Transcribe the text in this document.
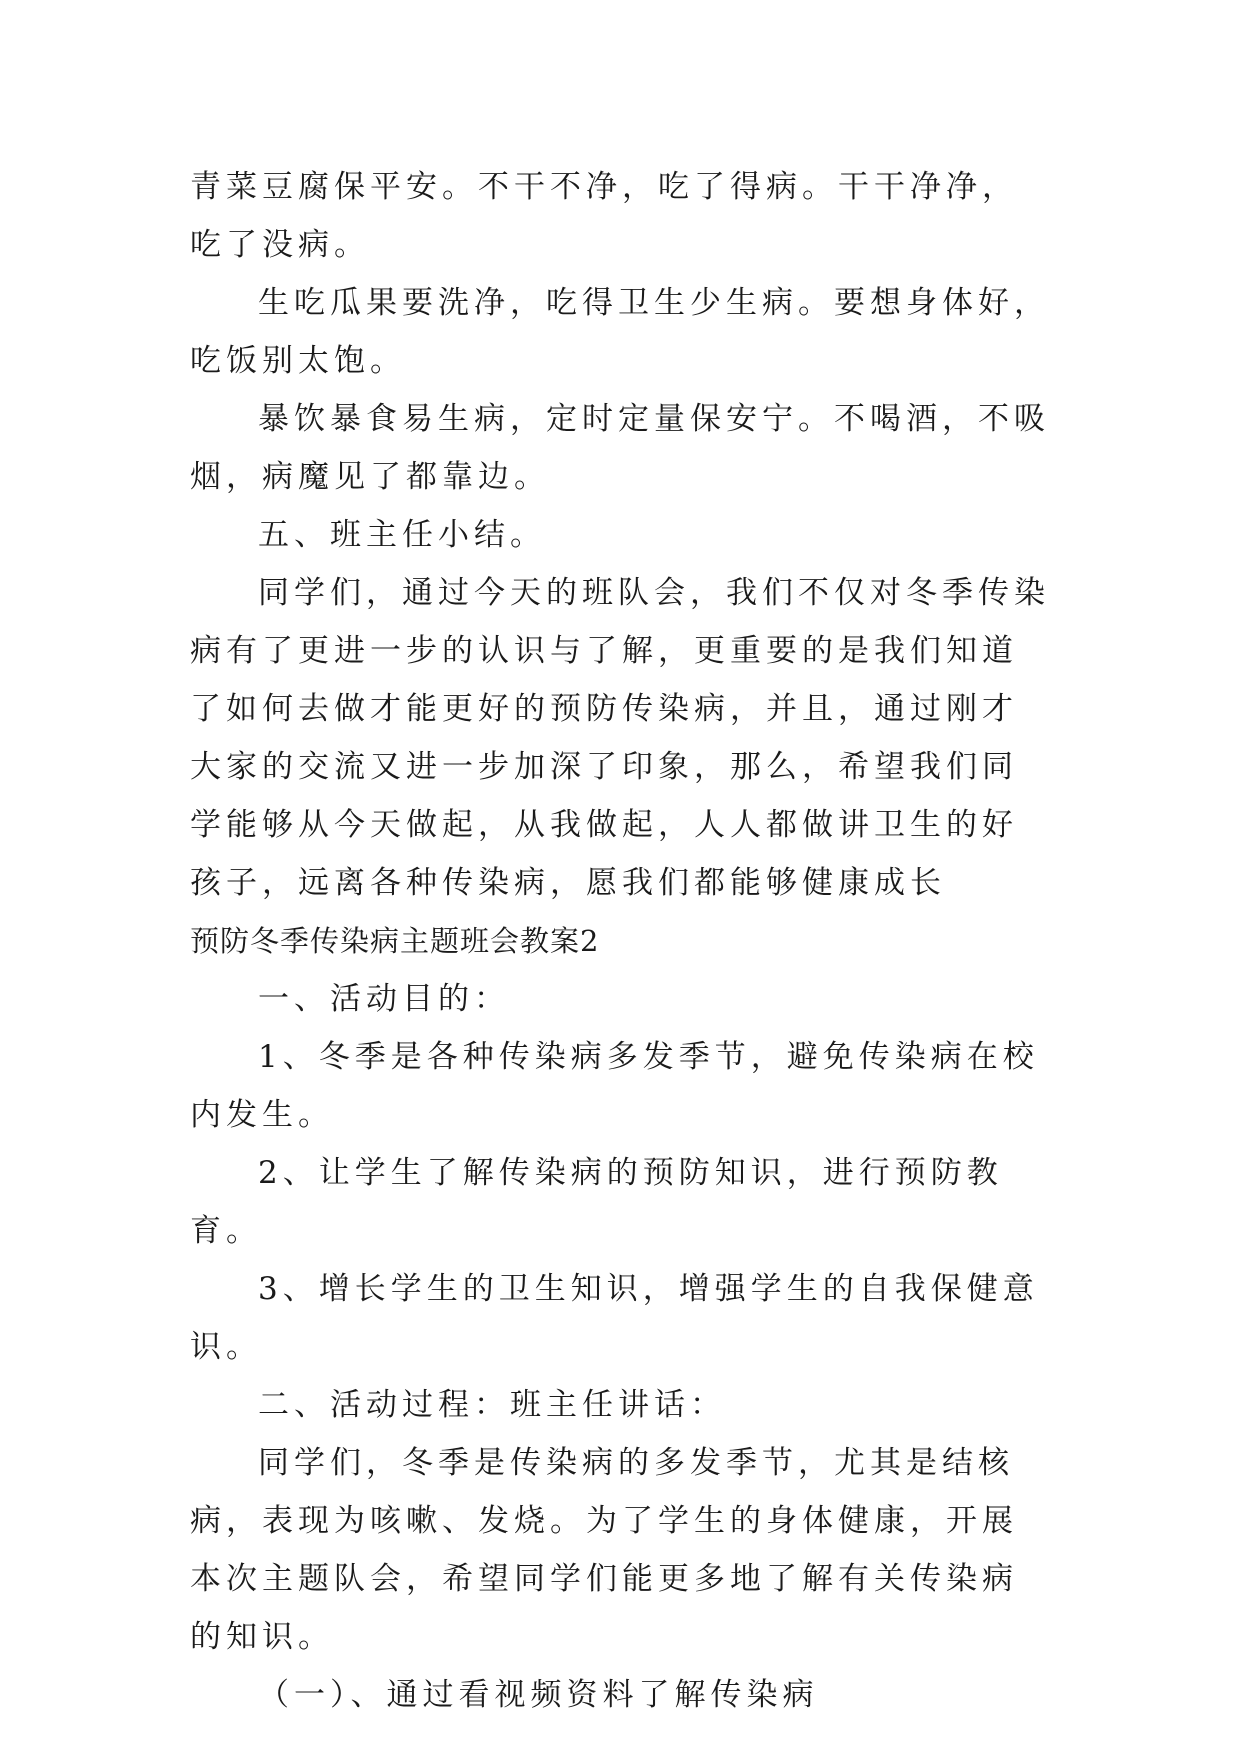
青菜豆腐保平安。不干不净，吃了得病。干干净净，吃了没病。

生吃瓜果要洗净，吃得卫生少生病。要想身体好，吃饭别太饱。

暴饮暴食易生病，定时定量保安宁。不喝酒，不吸烟，病魔见了都靠边。

五、班主任小结。

同学们，通过今天的班队会，我们不仅对冬季传染病有了更进一步的认识与了解，更重要的是我们知道了如何去做才能更好的预防传染病，并且，通过刚才大家的交流又进一步加深了印象，那么，希望我们同学能够从今天做起，从我做起，人人都做讲卫生的好孩子，远离各种传染病，愿我们都能够健康成长

预防冬季传染病主题班会教案2

一、活动目的：

1、冬季是各种传染病多发季节，避免传染病在校内发生。

2、让学生了解传染病的预防知识，进行预防教育。

3、增长学生的卫生知识，增强学生的自我保健意识。

二、活动过程：班主任讲话：

同学们，冬季是传染病的多发季节，尤其是结核病，表现为咳嗽、发烧。为了学生的身体健康，开展本次主题队会，希望同学们能更多地了解有关传染病的知识。

（一）、通过看视频资料了解传染病
